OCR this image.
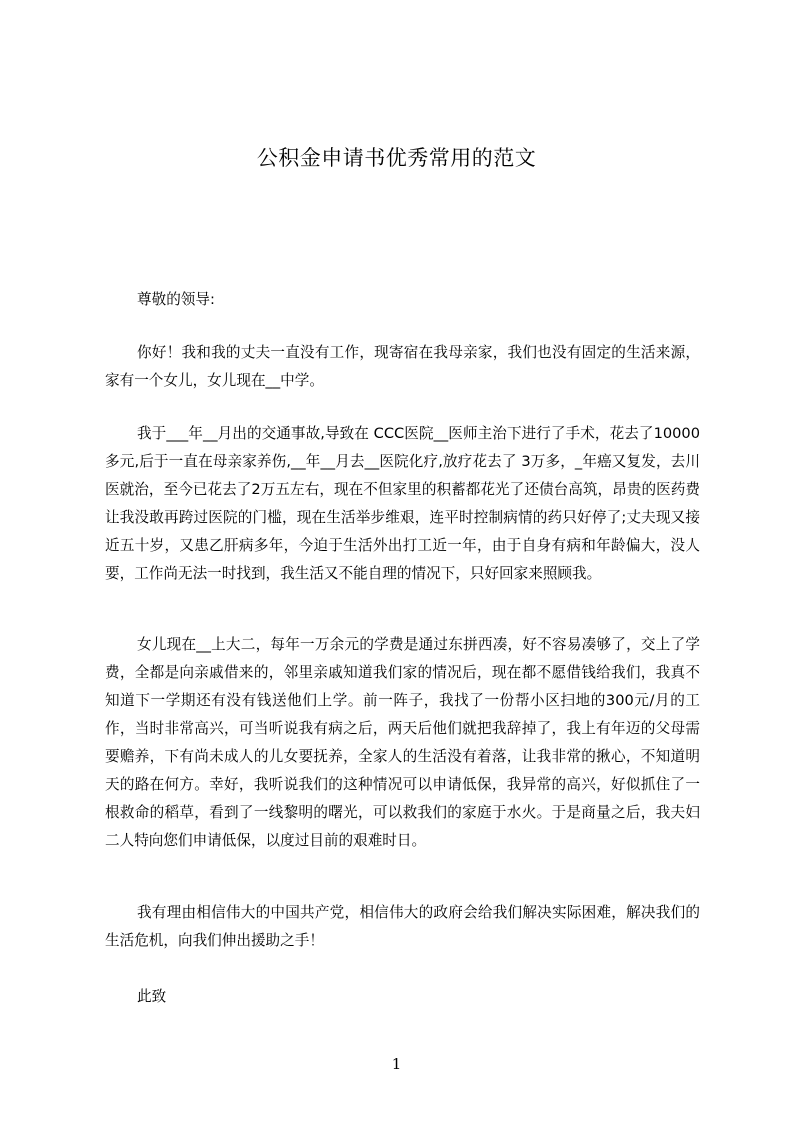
公积金申请书优秀常用的范文

尊敬的领导:

你好！我和我的丈夫一直没有工作，现寄宿在我母亲家，我们也没有固定的生活来源，家有一个女儿，女儿现在__中学。

我于___年__月出的交通事故,导致在 CCC医院__医师主治下进行了手术，花去了10000多元,后于一直在母亲家养伤,__年__月去__医院化疗,放疗花去了 3万多，_年癌又复发，去川医就治，至今已花去了2万五左右，现在不但家里的积蓄都花光了还债台高筑，昂贵的医药费让我没敢再跨过医院的门槛，现在生活举步维艰，连平时控制病情的药只好停了;丈夫现又接近五十岁，又患乙肝病多年，今迫于生活外出打工近一年，由于自身有病和年龄偏大，没人要，工作尚无法一时找到，我生活又不能自理的情况下，只好回家来照顾我。

女儿现在__上大二，每年一万余元的学费是通过东拼西凑，好不容易凑够了，交上了学费，全都是向亲戚借来的，邻里亲戚知道我们家的情况后，现在都不愿借钱给我们，我真不知道下一学期还有没有钱送他们上学。前一阵子，我找了一份帮小区扫地的300元/月的工作，当时非常高兴，可当听说我有病之后，两天后他们就把我辞掉了，我上有年迈的父母需要赡养，下有尚未成人的儿女要抚养，全家人的生活没有着落，让我非常的揪心，不知道明天的路在何方。幸好，我听说我们的这种情况可以申请低保，我异常的高兴，好似抓住了一根救命的稻草，看到了一线黎明的曙光，可以救我们的家庭于水火。于是商量之后，我夫妇二人特向您们申请低保，以度过目前的艰难时日。

我有理由相信伟大的中国共产党，相信伟大的政府会给我们解决实际困难，解决我们的生活危机，向我们伸出援助之手！

此致

1
